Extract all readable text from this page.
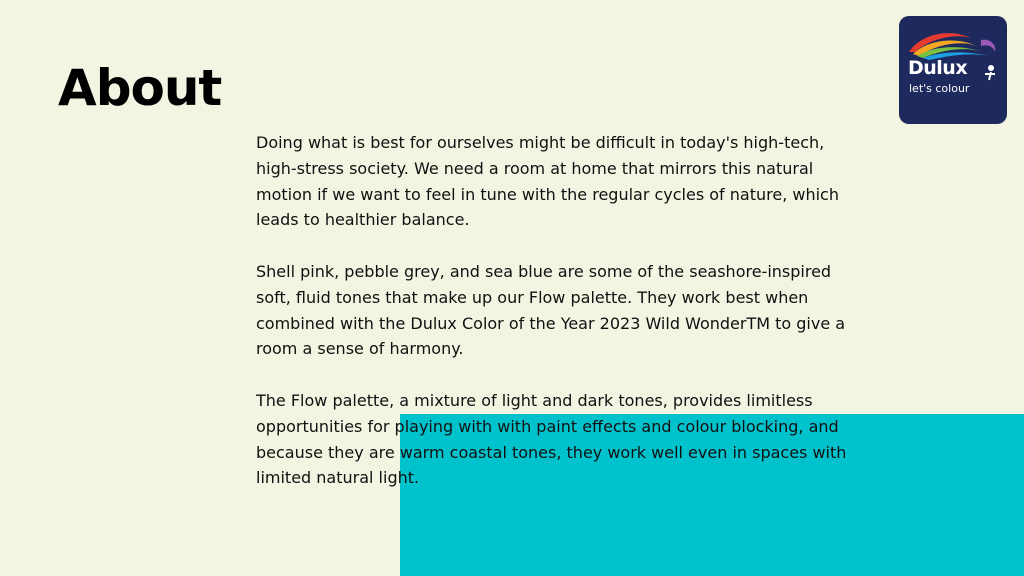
About

Doing what is best for ourselves might be difficult in today's high-tech, high-stress society. We need a room at home that mirrors this natural motion if we want to feel in tune with the regular cycles of nature, which leads to healthier balance.

Shell pink, pebble grey, and sea blue are some of the seashore-inspired soft, fluid tones that make up our Flow palette. They work best when combined with the Dulux Color of the Year 2023 Wild WonderTM to give a room a sense of harmony.

The Flow palette, a mixture of light and dark tones, provides limitless opportunities for playing with with paint effects and colour blocking, and because they are warm coastal tones, they work well even in spaces with limited natural light.

Dulux
let's colour
